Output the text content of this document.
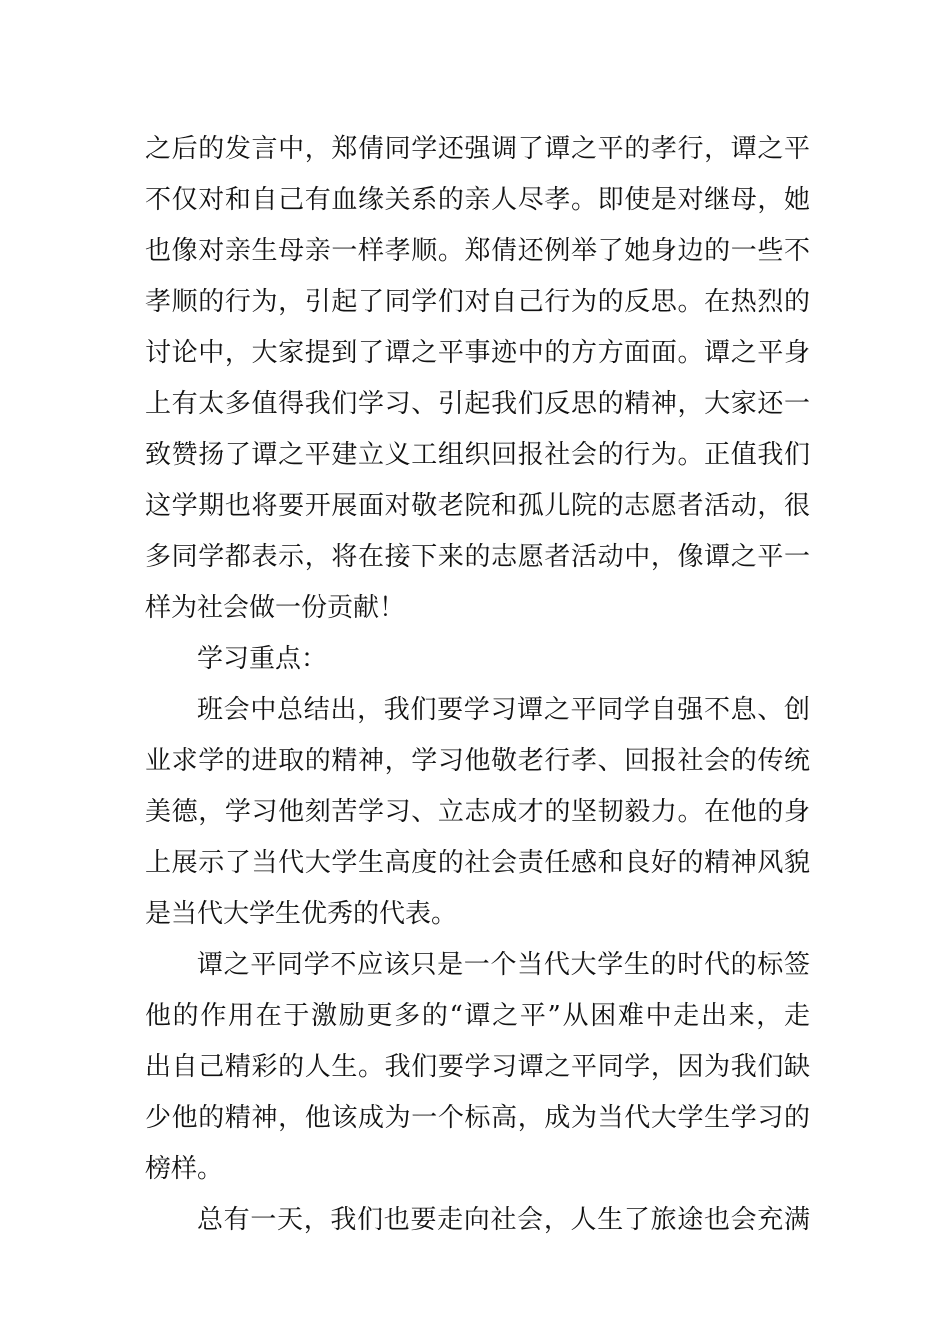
之后的发言中，郑倩同学还强调了谭之平的孝行，谭之平
不仅对和自己有血缘关系的亲人尽孝。即使是对继母，她
也像对亲生母亲一样孝顺。郑倩还例举了她身边的一些不
孝顺的行为，引起了同学们对自己行为的反思。在热烈的
讨论中，大家提到了谭之平事迹中的方方面面。谭之平身
上有太多值得我们学习、引起我们反思的精神，大家还一
致赞扬了谭之平建立义工组织回报社会的行为。正值我们
这学期也将要开展面对敬老院和孤儿院的志愿者活动，很
多同学都表示，将在接下来的志愿者活动中，像谭之平一
样为社会做一份贡献！
学习重点：
班会中总结出，我们要学习谭之平同学自强不息、创
业求学的进取的精神，学习他敬老行孝、回报社会的传统
美德，学习他刻苦学习、立志成才的坚韧毅力。在他的身
上展示了当代大学生高度的社会责任感和良好的精神风貌
是当代大学生优秀的代表。
谭之平同学不应该只是一个当代大学生的时代的标签
他的作用在于激励更多的“谭之平”从困难中走出来，走
出自己精彩的人生。我们要学习谭之平同学，因为我们缺
少他的精神，他该成为一个标高，成为当代大学生学习的
榜样。
总有一天，我们也要走向社会，人生了旅途也会充满
